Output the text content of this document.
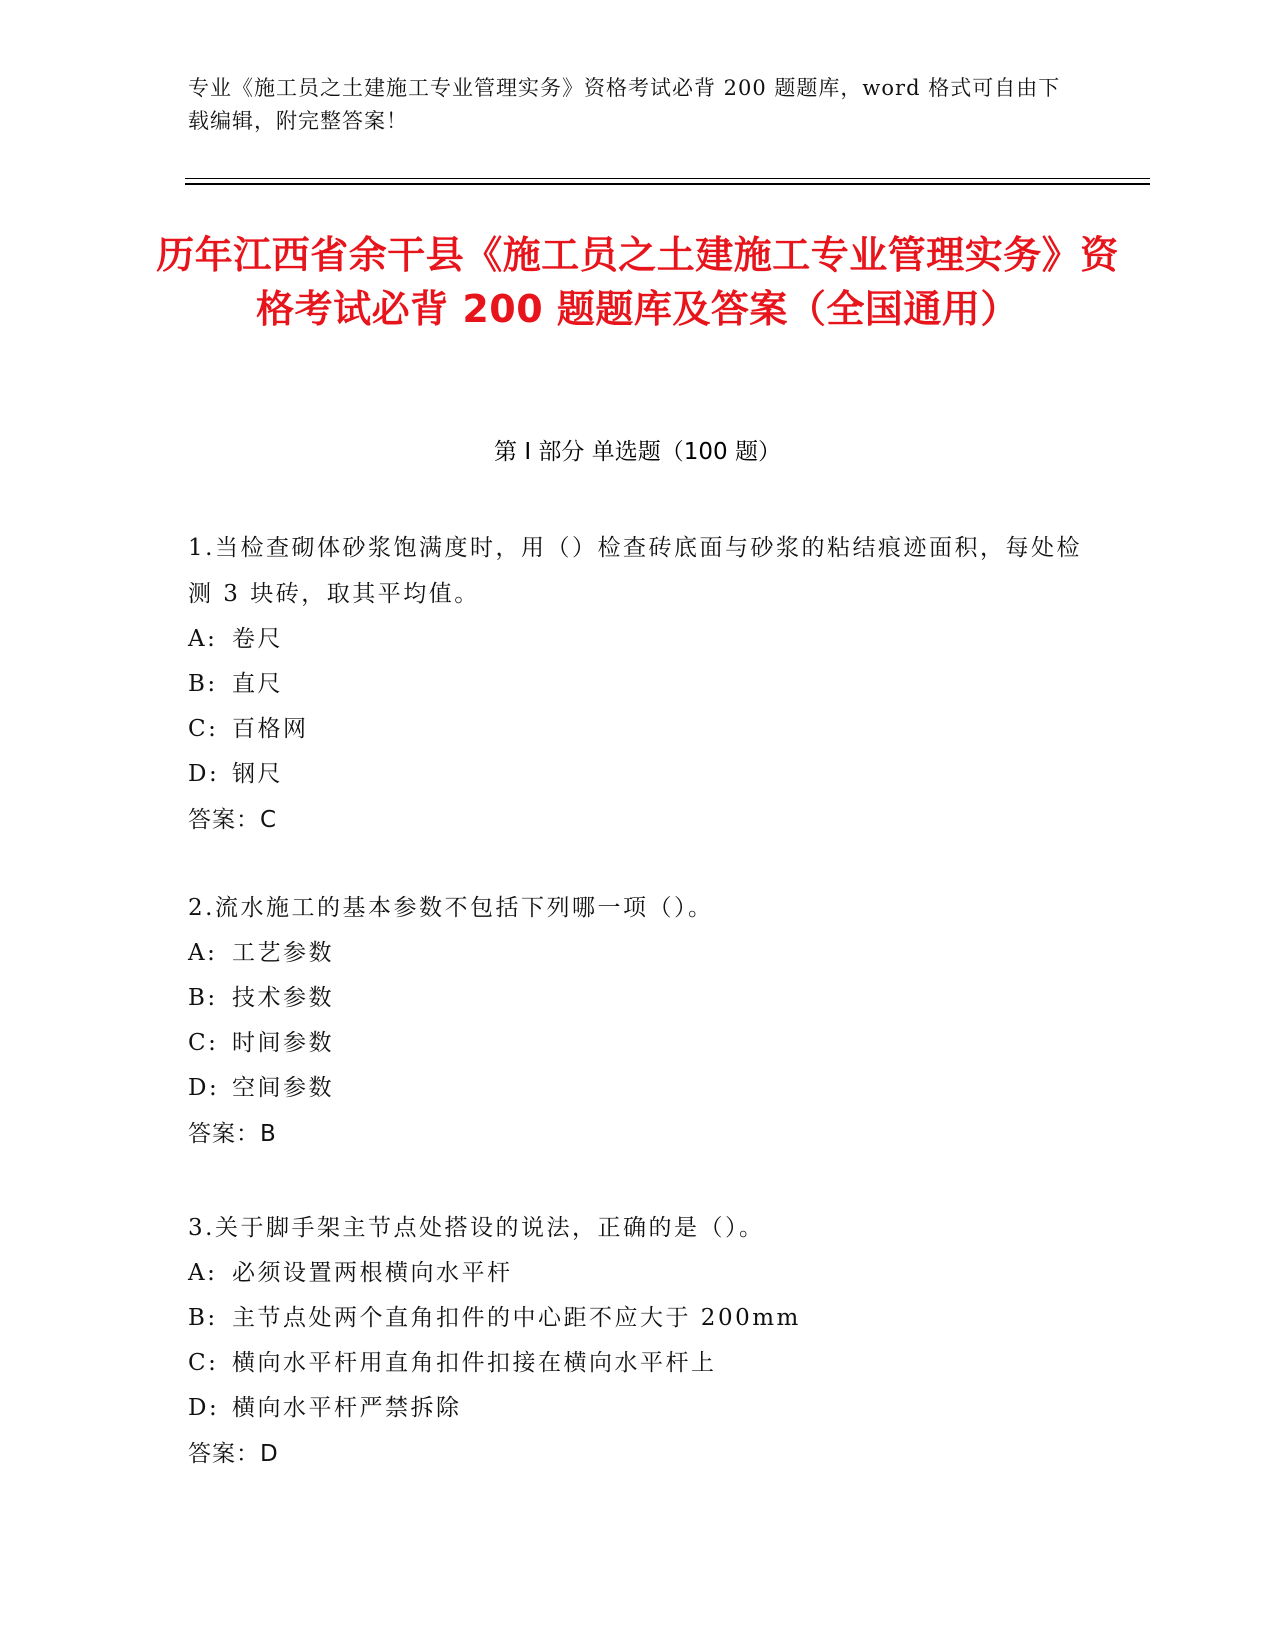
专业《施工员之土建施工专业管理实务》资格考试必背 200 题题库，word 格式可自由下载编辑，附完整答案！
历年江西省余干县《施工员之土建施工专业管理实务》资格考试必背 200 题题库及答案（全国通用）
第 I 部分 单选题（100 题）

1.当检查砌体砂浆饱满度时，用（）检查砖底面与砂浆的粘结痕迹面积，每处检测 3 块砖，取其平均值。

A: 卷尺

B: 直尺

C: 百格网

D: 钢尺

答案：C

2.流水施工的基本参数不包括下列哪一项（）。

A: 工艺参数

B: 技术参数

C: 时间参数

D: 空间参数

答案：B

3.关于脚手架主节点处搭设的说法，正确的是（）。

A: 必须设置两根横向水平杆

B: 主节点处两个直角扣件的中心距不应大于 200mm

C: 横向水平杆用直角扣件扣接在横向水平杆上

D: 横向水平杆严禁拆除

答案：D
